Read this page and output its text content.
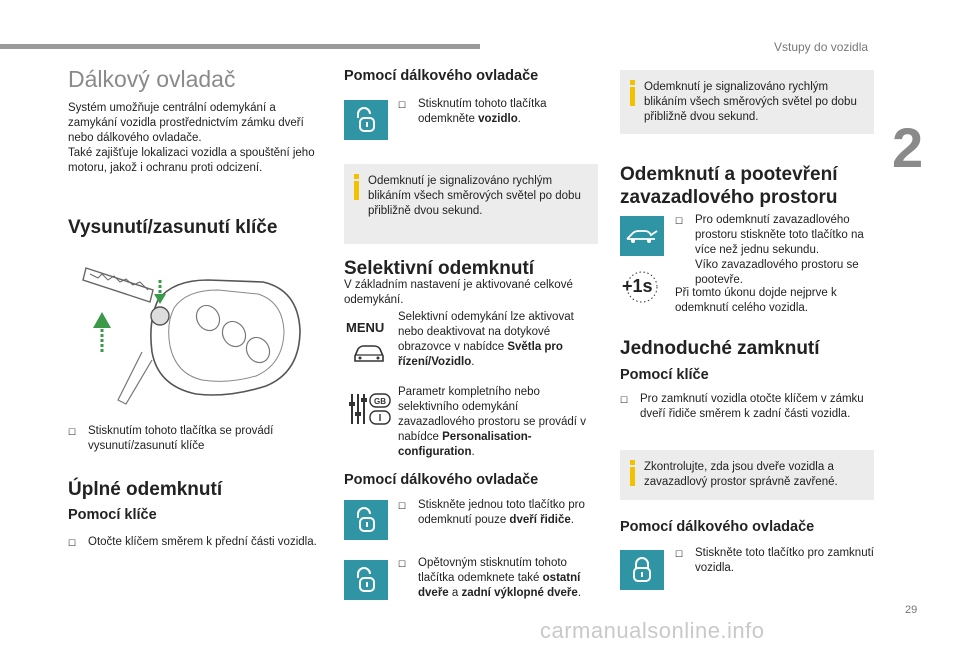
Vstupy do vozidla
2
29
carmanualsonline.info
Dálkový ovladač
Systém umožňuje centrální odemykání a zamykání vozidla prostřednictvím zámku dveří nebo dálkového ovladače.
Také zajišťuje lokalizaci vozidla a spouštění jeho motoru, jakož i ochranu proti odcizení.
Vysunutí/zasunutí klíče
☐	Stisknutím tohoto tlačítka se provádí vysunutí/zasunutí klíče
Úplné odemknutí
Pomocí klíče
☐	Otočte klíčem směrem k přední části vozidla.
Pomocí dálkového ovladače
☐	Stisknutím tohoto tlačítka odemkněte vozidlo.
Odemknutí je signalizováno rychlým blikáním všech směrových světel po dobu přibližně dvou sekund.
Selektivní odemknutí
V základním nastavení je aktivované celkové odemykání.
MENU
Selektivní odemykání lze aktivovat nebo deaktivovat na dotykové obrazovce v nabídce Světla pro řízení/Vozidlo.
GB
Parametr kompletního nebo selektivního odemykání zavazadlového prostoru se provádí v nabídce Personalisation-configuration.
Pomocí dálkového ovladače
☐	Stiskněte jednou toto tlačítko pro odemknutí pouze dveří řidiče.
☐	Opětovným stisknutím tohoto tlačítka odemknete také ostatní dveře a zadní výklopné dveře.
Odemknutí je signalizováno rychlým blikáním všech směrových světel po dobu přibližně dvou sekund.
Odemknutí a pootevření zavazadlového prostoru
+1s
☐	Pro odemknutí zavazadlového prostoru stiskněte toto tlačítko na více než jednu sekundu.
Víko zavazadlového prostoru se pootevře.
Při tomto úkonu dojde nejprve k odemknutí celého vozidla.
Jednoduché zamknutí
Pomocí klíče
☐	Pro zamknutí vozidla otočte klíčem v zámku dveří řidiče směrem k zadní části vozidla.
Zkontrolujte, zda jsou dveře vozidla a zavazadlový prostor správně zavřené.
Pomocí dálkového ovladače
☐	Stiskněte toto tlačítko pro zamknutí vozidla.
